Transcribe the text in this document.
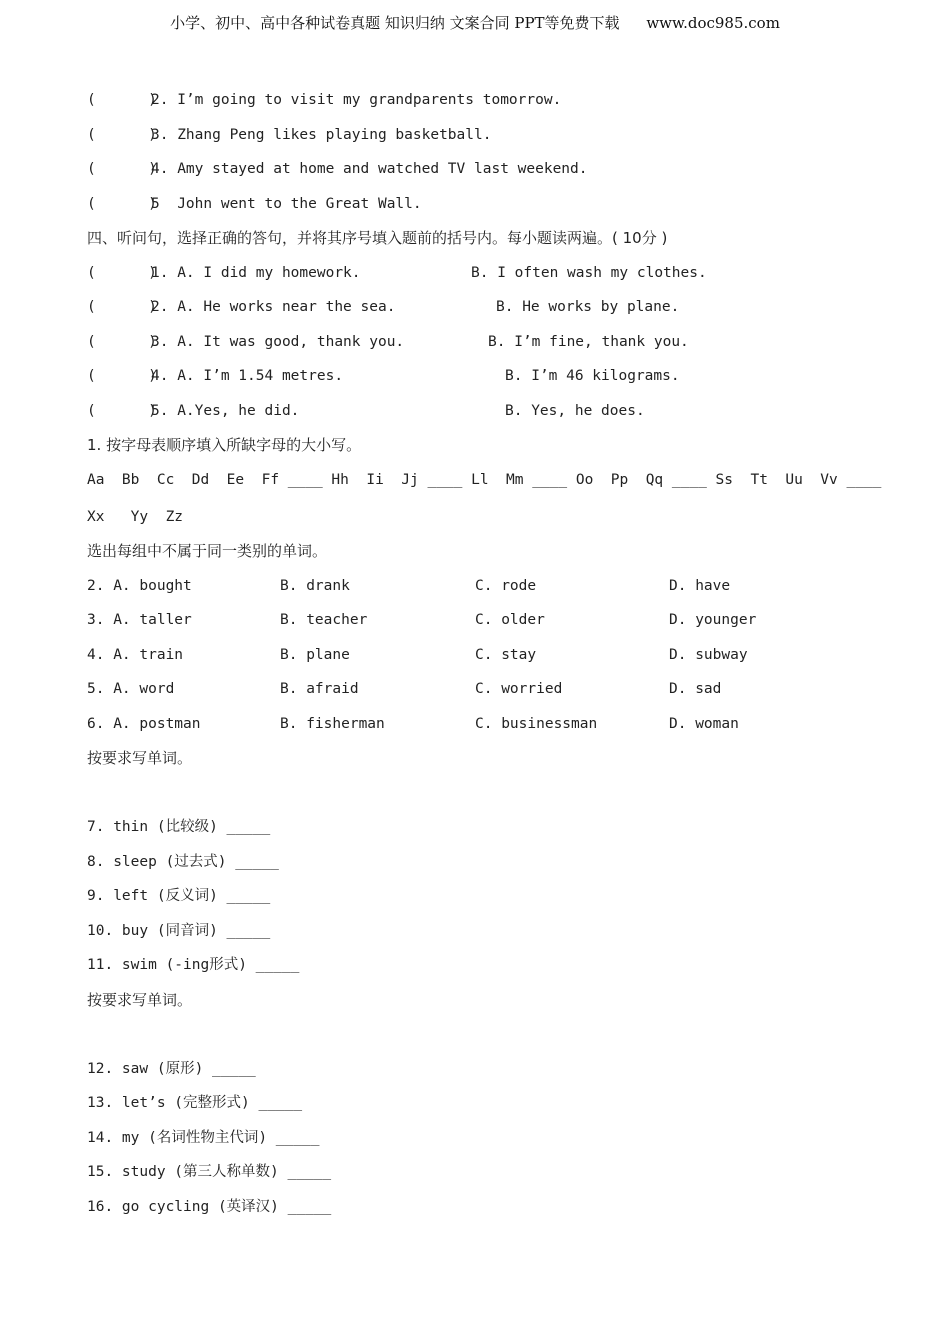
小学、初中、高中各种试卷真题 知识归纳 文案合同 PPT等免费下载 www.doc985.com
(      )2. I’m going to visit my grandparents tomorrow.
(      )3. Zhang Peng likes playing basketball.
(      )4. Amy stayed at home and watched TV last weekend.
(      )5  John went to the Great Wall.
四、听问句，选择正确的答句，并将其序号填入题前的括号内。每小题读两遍。( 10分 )
(      )1. A. I did my homework.	B. I often wash my clothes.
(      )2. A. He works near the sea.	B. He works by plane.
(      )3. A. It was good, thank you.	B. I’m fine, thank you.
(      )4. A. I’m 1.54 metres.	B. I’m 46 kilograms.
(      )5. A.Yes, he did.	B. Yes, he does.
1. 按字母表顺序填入所缺字母的大小写。
Aa  Bb  Cc  Dd  Ee  Ff ____ Hh  Ii  Jj ____ Ll  Mm ____ Oo  Pp  Qq ____ Ss  Tt  Uu  Vv ____
Xx   Yy  Zz
选出每组中不属于同一类别的单词。
2. A. bought	B. drank	C. rode	D. have
3. A. taller	B. teacher	C. older	D. younger
4. A. train	B. plane	C. stay	D. subway
5. A. word	B. afraid	C. worried	D. sad
6. A. postman	B. fisherman	C. businessman	D. woman
按要求写单词。
7. thin (比较级) _____
8. sleep (过去式) _____
9. left (反义词) _____
10. buy (同音词) _____
11. swim (-ing形式) _____
按要求写单词。
12. saw (原形) _____
13. let’s (完整形式) _____
14. my (名词性物主代词) _____
15. study (第三人称单数) _____
16. go cycling (英译汉) _____
